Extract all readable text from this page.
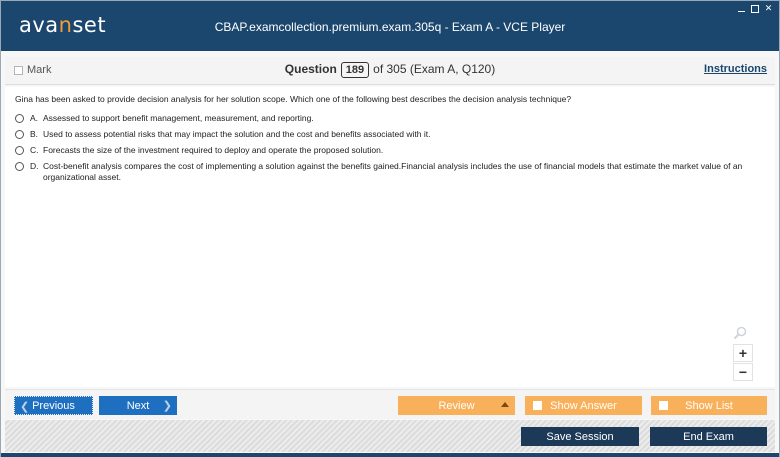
avanset	CBAP.examcollection.premium.exam.305q - Exam A - VCE Player
✕
Mark	Question 189 of 305 (Exam A, Q120)	Instructions
Gina has been asked to provide decision analysis for her solution scope. Which one of the following best describes the decision analysis technique?
A. Assessed to support benefit management, measurement, and reporting.
B. Used to assess potential risks that may impact the solution and the cost and benefits associated with it.
C. Forecasts the size of the investment required to deploy and operate the proposed solution.
D. Cost-benefit analysis compares the cost of implementing a solution against the benefits gained.Financial analysis includes the use of financial models that estimate the market value of an organizational asset.
+
−
❮ Previous	Next ❯	Review	Show Answer	Show List
Save Session	End Exam
